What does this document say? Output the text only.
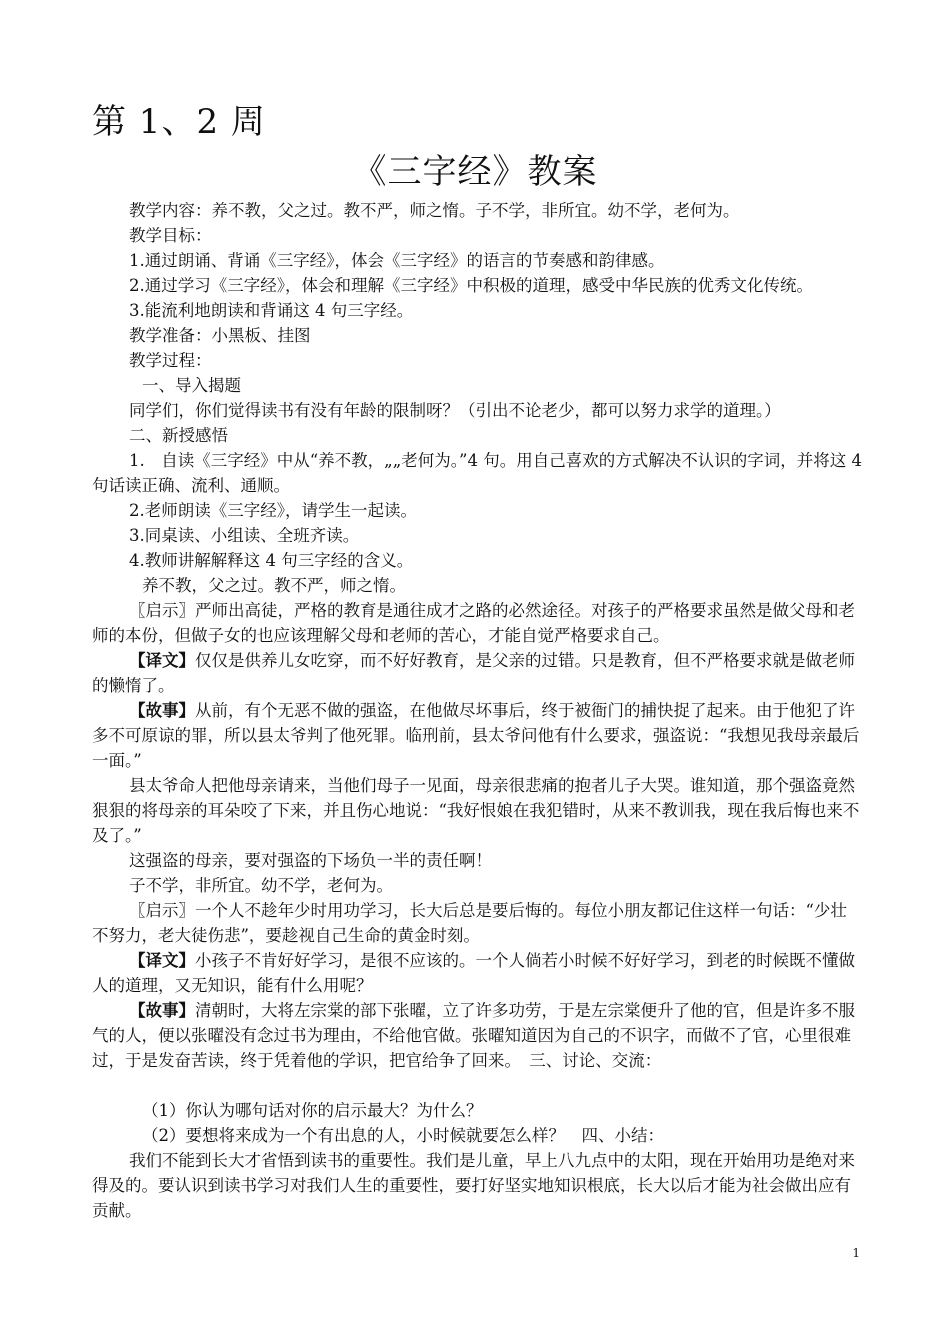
第 1、2 周
《三字经》教案

教学内容：养不教，父之过。教不严，师之惰。子不学，非所宜。幼不学，老何为。

教学目标：

1.通过朗诵、背诵《三字经》，体会《三字经》的语言的节奏感和韵律感。

2.通过学习《三字经》，体会和理解《三字经》中积极的道理，感受中华民族的优秀文化传统。

3.能流利地朗读和背诵这 4 句三字经。

教学准备：小黑板、挂图

教学过程：

一、导入揭题

同学们，你们觉得读书有没有年龄的限制呀？（引出不论老少，都可以努力求学的道理。）

二、新授感悟

1.　自读《三字经》中从“养不教，„„老何为。”4 句。用自己喜欢的方式解决不认识的字词，并将这 4 句话读正确、流利、通顺。

2.老师朗读《三字经》，请学生一起读。

3.同桌读、小组读、全班齐读。

4.教师讲解解释这 4 句三字经的含义。

养不教，父之过。教不严，师之惰。

〖启示〗严师出高徒，严格的教育是通往成才之路的必然途径。对孩子的严格要求虽然是做父母和老师的本份，但做子女的也应该理解父母和老师的苦心，才能自觉严格要求自己。

【译文】仅仅是供养儿女吃穿，而不好好教育，是父亲的过错。只是教育，但不严格要求就是做老师的懒惰了。

【故事】从前，有个无恶不做的强盗，在他做尽坏事后，终于被衙门的捕快捉了起来。由于他犯了许多不可原谅的罪，所以县太爷判了他死罪。临刑前，县太爷问他有什么要求，强盗说：“我想见我母亲最后一面。”

县太爷命人把他母亲请来，当他们母子一见面，母亲很悲痛的抱者儿子大哭。谁知道，那个强盗竟然狠狠的将母亲的耳朵咬了下来，并且伤心地说：“我好恨娘在我犯错时，从来不教训我，现在我后悔也来不及了。”

这强盗的母亲，要对强盗的下场负一半的责任啊！

子不学，非所宜。幼不学，老何为。

〖启示〗一个人不趁年少时用功学习，长大后总是要后悔的。每位小朋友都记住这样一句话：“少壮不努力，老大徒伤悲”，要趁视自己生命的黄金时刻。

【译文】小孩子不肯好好学习，是很不应该的。一个人倘若小时候不好好学习，到老的时候既不懂做人的道理，又无知识，能有什么用呢？

【故事】清朝时，大将左宗棠的部下张曜，立了许多功劳，于是左宗棠便升了他的官，但是许多不服气的人，便以张曜没有念过书为理由，不给他官做。张曜知道因为自己的不识字，而做不了官，心里很难过，于是发奋苦读，终于凭着他的学识，把官给争了回来。　三、讨论、交流：

（1）你认为哪句话对你的启示最大？为什么？

（2）要想将来成为一个有出息的人，小时候就要怎么样？　四、小结：

我们不能到长大才省悟到读书的重要性。我们是儿童，早上八九点中的太阳，现在开始用功是绝对来得及的。要认识到读书学习对我们人生的重要性，要打好坚实地知识根底，长大以后才能为社会做出应有贡献。

1
